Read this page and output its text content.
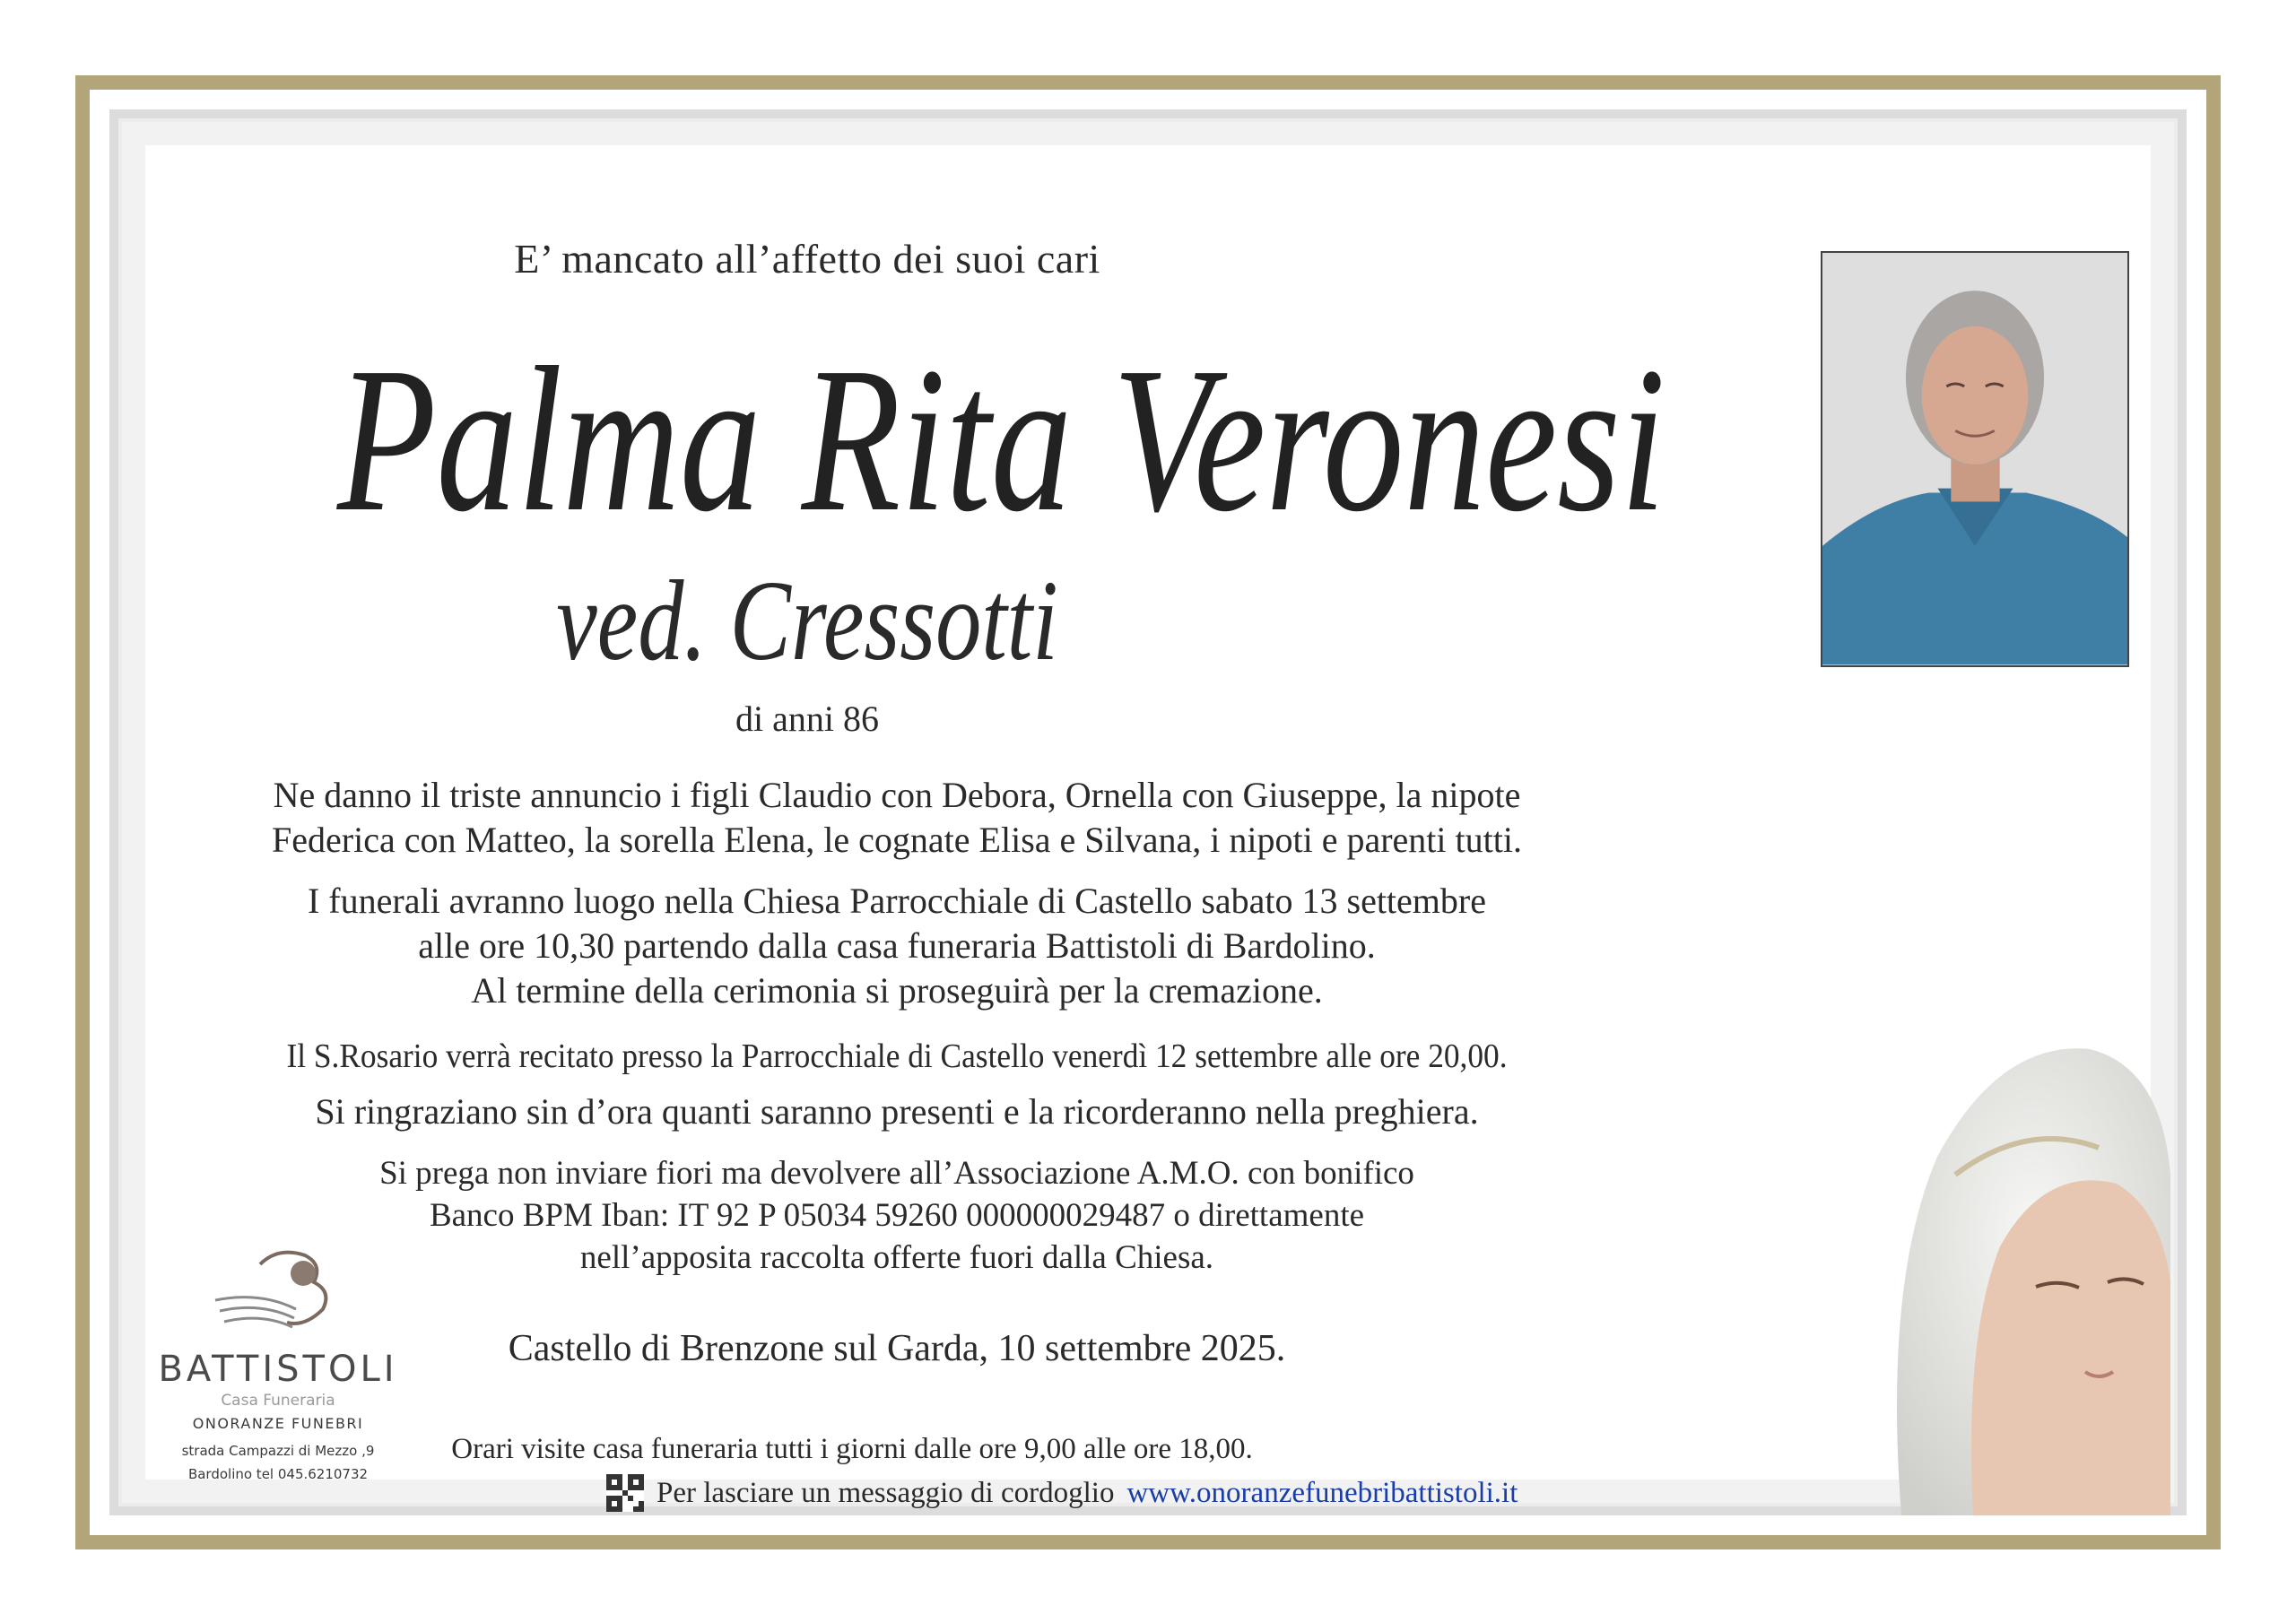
E’ mancato all’affetto dei suoi cari
Palma Rita Veronesi
ved. Cressotti
di anni 86
Ne danno il triste annuncio i figli Claudio con Debora, Ornella con Giuseppe, la nipote
Federica con Matteo, la sorella Elena, le cognate Elisa e Silvana, i nipoti e parenti tutti.
I funerali avranno luogo nella Chiesa Parrocchiale di Castello sabato 13 settembre
alle ore 10,30 partendo dalla casa funeraria Battistoli di Bardolino.
Al termine della cerimonia si proseguirà per la cremazione.
Il S.Rosario verrà recitato presso la Parrocchiale di Castello venerdì 12 settembre alle ore 20,00.
Si ringraziano sin d’ora quanti saranno presenti e la ricorderanno nella preghiera.
Si prega non inviare fiori ma devolvere all’Associazione A.M.O. con bonifico
Banco BPM Iban: IT 92 P 05034 59260 000000029487 o direttamente
nell’apposita raccolta offerte fuori dalla Chiesa.
Castello di Brenzone sul Garda, 10 settembre 2025.
Orari visite casa funeraria tutti i giorni dalle ore 9,00 alle ore 18,00.
Per lasciare un messaggio di cordoglio www.onoranzefunebribattistoli.it
BATTISTOLI
Casa Funeraria
ONORANZE FUNEBRI
strada Campazzi di Mezzo ,9
Bardolino tel 045.6210732
